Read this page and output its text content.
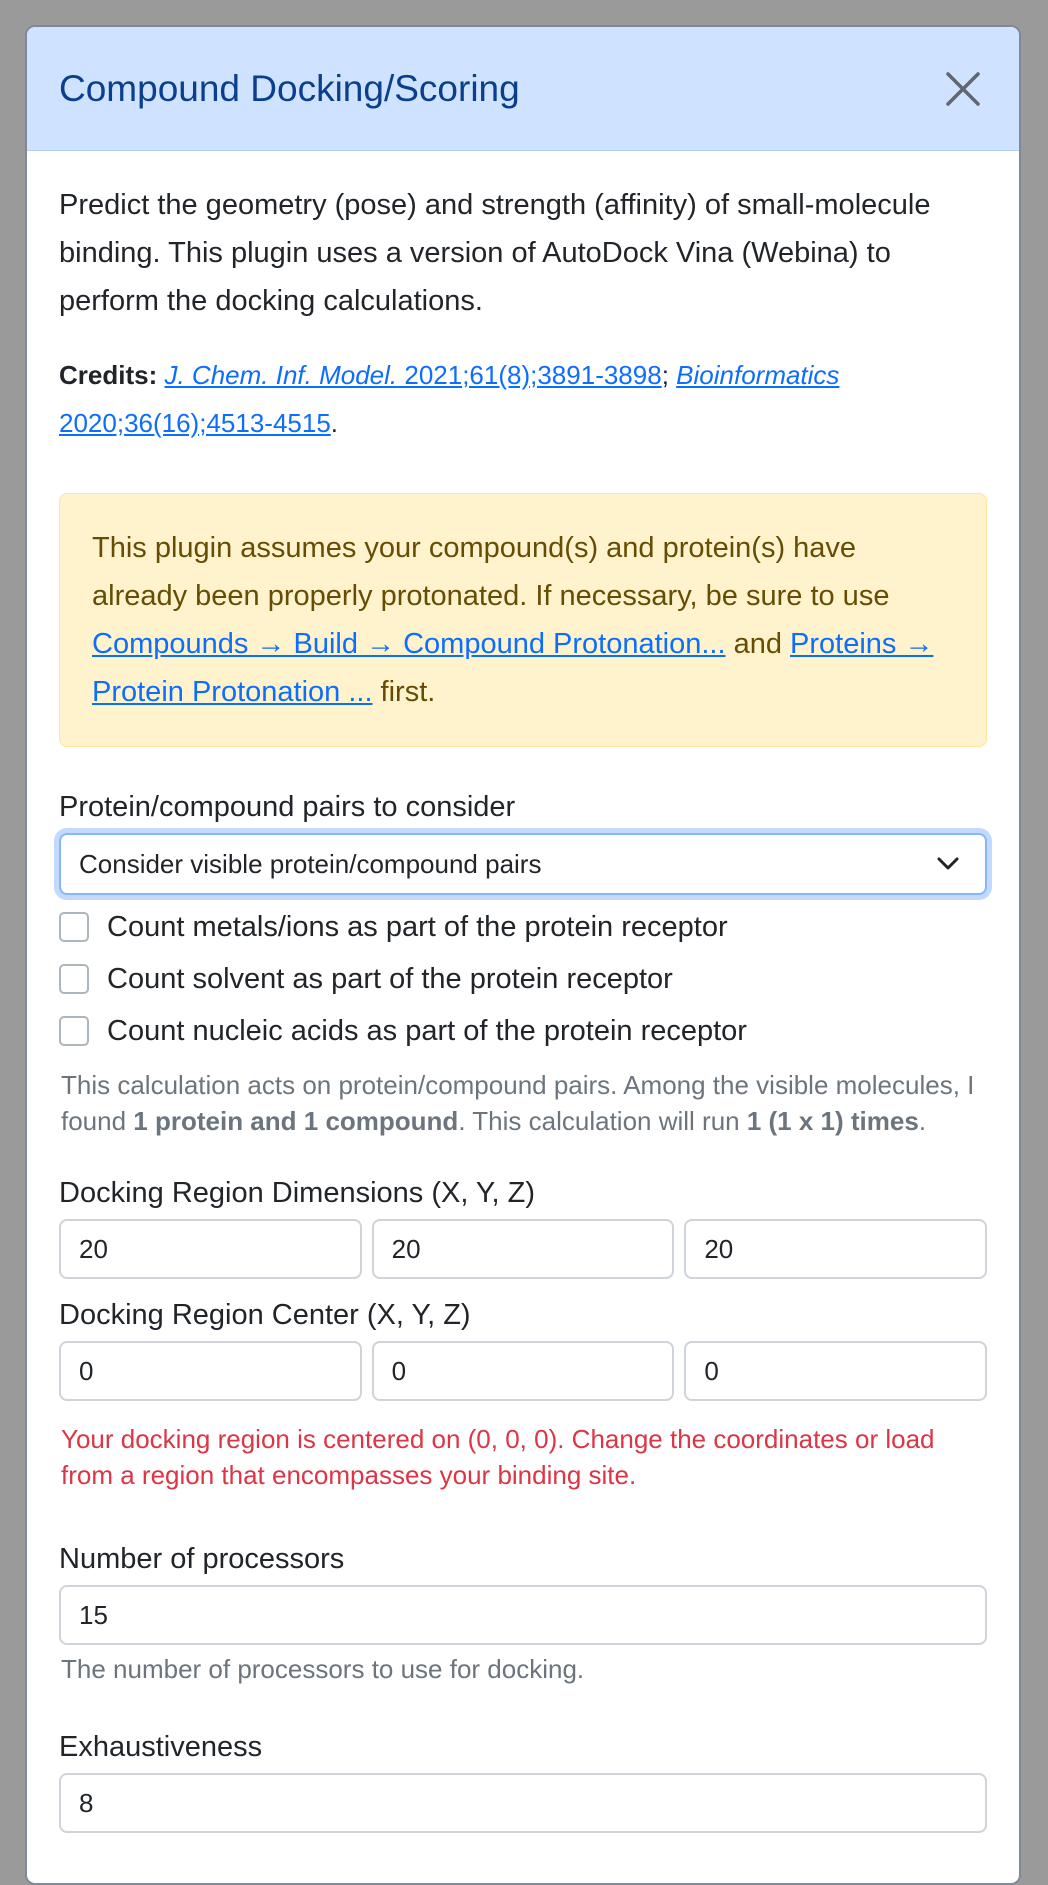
Compound Docking/Scoring

Predict the geometry (pose) and strength (affinity) of small-molecule binding. This plugin uses a version of AutoDock Vina (Webina) to perform the docking calculations.

Credits: J. Chem. Inf. Model. 2021;61(8);3891-3898; Bioinformatics 2020;36(16);4513-4515.

This plugin assumes your compound(s) and protein(s) have already been properly protonated. If necessary, be sure to use Compounds → Build → Compound Protonation... and Proteins → Protein Protonation ... first.
Protein/compound pairs to consider
Consider visible protein/compound pairs
Count metals/ions as part of the protein receptor
Count solvent as part of the protein receptor
Count nucleic acids as part of the protein receptor
This calculation acts on protein/compound pairs. Among the visible molecules, I found 1 protein and 1 compound. This calculation will run 1 (1 x 1) times.
Docking Region Dimensions (X, Y, Z)
20	20	20
Docking Region Center (X, Y, Z)
0	0	0
Your docking region is centered on (0, 0, 0). Change the coordinates or load from a region that encompasses your binding site.
Number of processors
15
The number of processors to use for docking.
Exhaustiveness
8
